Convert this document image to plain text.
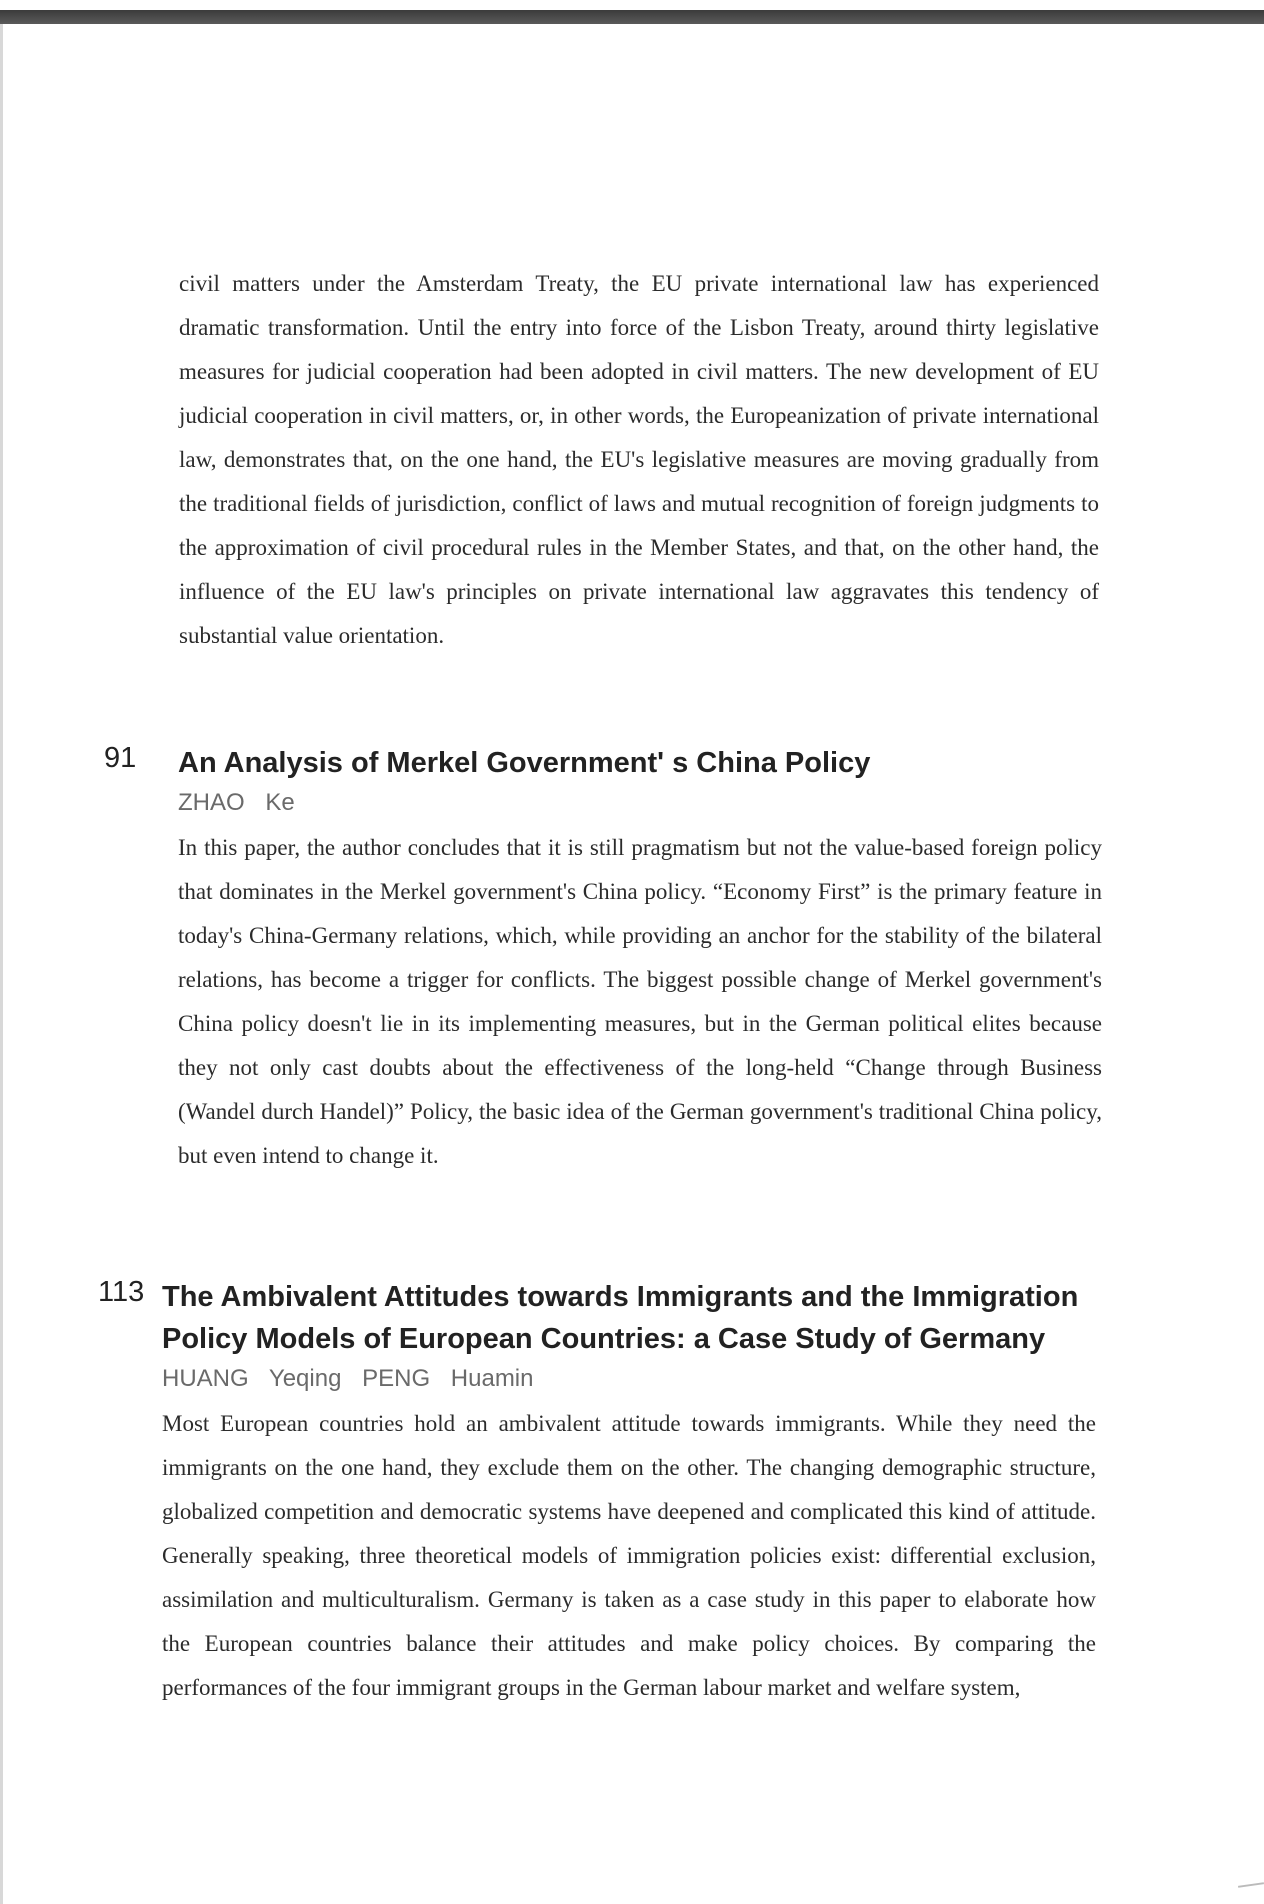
civil matters under the Amsterdam Treaty, the EU private international law has experienced dramatic transformation. Until the entry into force of the Lisbon Treaty, around thirty legislative measures for judicial cooperation had been adopted in civil matters. The new development of EU judicial cooperation in civil matters, or, in other words, the Europeanization of private international law, demonstrates that, on the one hand, the EU's legislative measures are moving gradually from the traditional fields of jurisdiction, conflict of laws and mutual recognition of foreign judgments to the approximation of civil procedural rules in the Member States, and that, on the other hand, the influence of the EU law's principles on private international law aggravates this tendency of substantial value orientation.

91 An Analysis of Merkel Government' s China Policy
ZHAO Ke

In this paper, the author concludes that it is still pragmatism but not the value-based foreign policy that dominates in the Merkel government's China policy. “Economy First” is the primary feature in today's China-Germany relations, which, while providing an anchor for the stability of the bilateral relations, has become a trigger for conflicts. The biggest possible change of Merkel government's China policy doesn't lie in its implementing measures, but in the German political elites because they not only cast doubts about the effectiveness of the long-held “Change through Business (Wandel durch Handel)” Policy, the basic idea of the German government's traditional China policy, but even intend to change it.

113 The Ambivalent Attitudes towards Immigrants and the Immigration Policy Models of European Countries: a Case Study of Germany
HUANG Yeqing PENG Huamin

Most European countries hold an ambivalent attitude towards immigrants. While they need the immigrants on the one hand, they exclude them on the other. The changing demographic structure, globalized competition and democratic systems have deepened and complicated this kind of attitude. Generally speaking, three theoretical models of immigration policies exist: differential exclusion, assimilation and multiculturalism. Germany is taken as a case study in this paper to elaborate how the European countries balance their attitudes and make policy choices. By comparing the performances of the four immigrant groups in the German labour market and welfare system,
